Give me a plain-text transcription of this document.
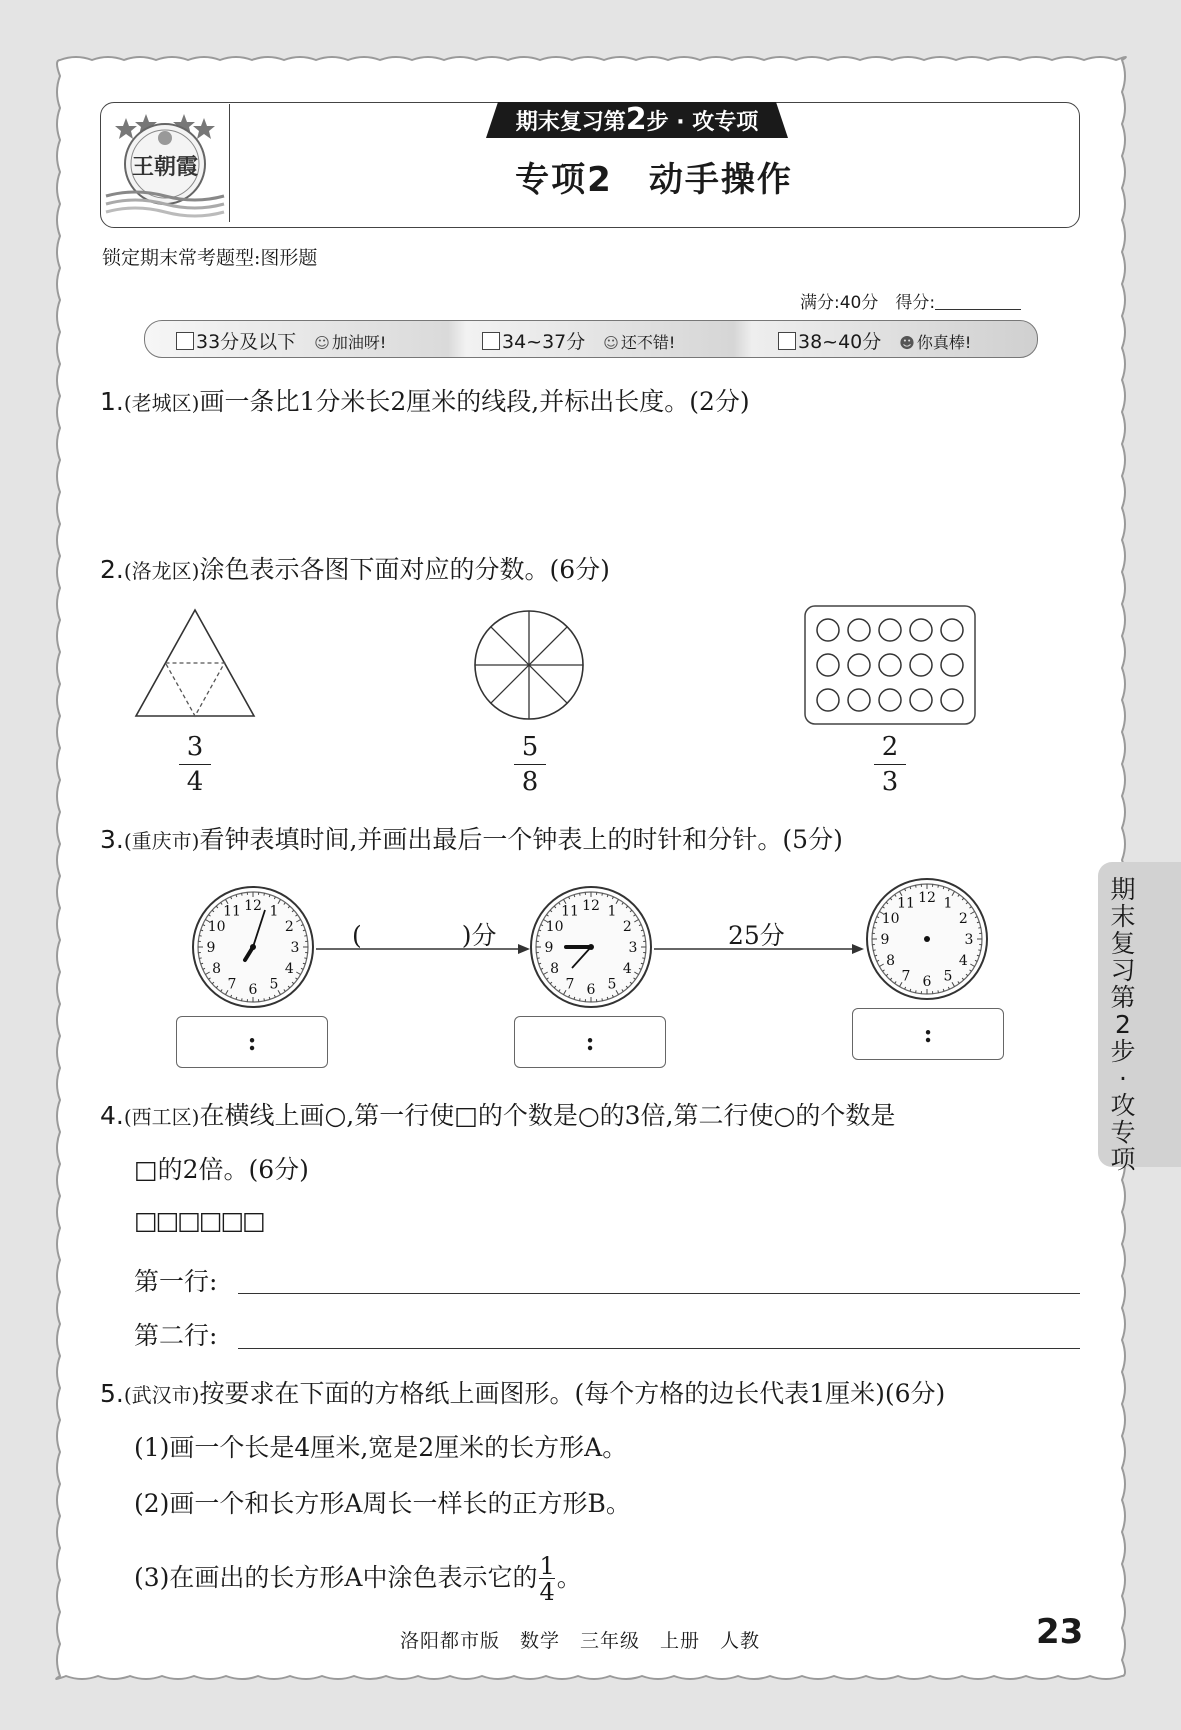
王朝霞
期末复习第2步 · 攻专项
专项2　动手操作
锁定期末常考题型:图形题
满分:40分　 得分:
33分及以下 ☺ 加油呀!	34~37分 ☺ 还不错!	38~40分 ☻ 你真棒!
1.(老城区)画一条比1分米长2厘米的线段,并标出长度。(2分)
2.(洛龙区)涂色表示各图下面对应的分数。(6分)
3
4
5
8
2
3
3.(重庆市)看钟表填时间,并画出最后一个钟表上的时针和分针。(5分)
12 1
2
3
4
5
6
7
8
9
10
11	12 1
2
3
4
5
6
7
8
9
10
11
12 1
2
3
4
5
6
7
8
9
10
11
(　　　　)分	25分
:	:	:
4.(西工区)在横线上画○,第一行使□的个数是○的3倍,第二行使○的个数是
□的2倍。(6分)
□□□□□□
第一行:
第二行:
5.(武汉市)按要求在下面的方格纸上画图形。(每个方格的边长代表1厘米)(6分)
(1)画一个长是4厘米,宽是2厘米的长方形A。
(2)画一个和长方形A周长一样长的正方形B。
(3)在画出的长方形A中涂色表示它的 $\frac{1}{4}$ 。
期末复习第2步·攻专项
洛阳都市版　数学　三年级　上册　人教	23
